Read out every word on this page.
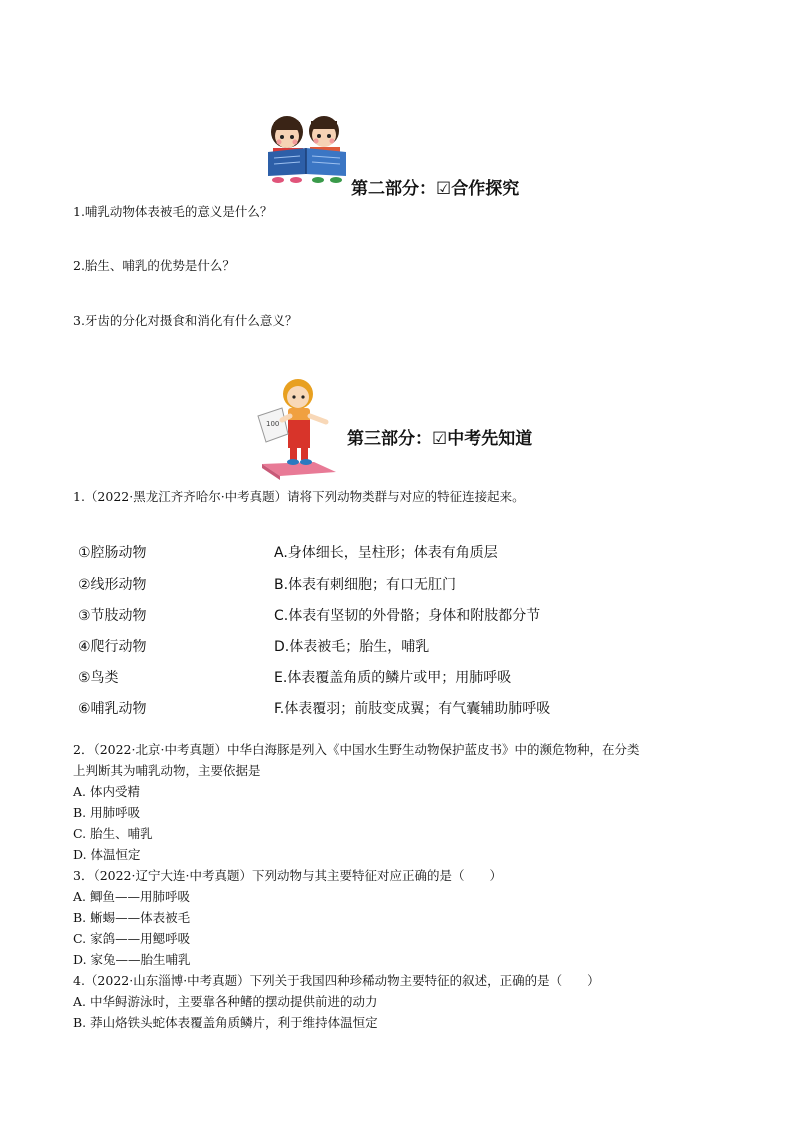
第二部分：☑合作探究
1.哺乳动物体表被毛的意义是什么？
2.胎生、哺乳的优势是什么？
3.牙齿的分化对摄食和消化有什么意义？
100
第三部分：☑中考先知道
1.（2022·黑龙江齐齐哈尔·中考真题）请将下列动物类群与对应的特征连接起来。
①腔肠动物
②线形动物
③节肢动物
④爬行动物
⑤鸟类
⑥哺乳动物
A.身体细长，呈柱形；体表有角质层
B.体表有刺细胞；有口无肛门
C.体表有坚韧的外骨骼；身体和附肢都分节
D.体表被毛；胎生，哺乳
E.体表覆盖角质的鳞片或甲；用肺呼吸
F.体表覆羽；前肢变成翼；有气囊辅助肺呼吸
2．（2022·北京·中考真题）中华白海豚是列入《中国水生野生动物保护蓝皮书》中的濒危物种，在分类
上判断其为哺乳动物，主要依据是
A. 体内受精
B. 用肺呼吸
C. 胎生、哺乳
D. 体温恒定
3．（2022·辽宁大连·中考真题）下列动物与其主要特征对应正确的是（　　）
A. 鲫鱼——用肺呼吸
B. 蜥蜴——体表被毛
C. 家鸽——用鳃呼吸
D. 家兔——胎生哺乳
4.（2022·山东淄博·中考真题）下列关于我国四种珍稀动物主要特征的叙述，正确的是（　　）
A. 中华鲟游泳时，主要靠各种鳍的摆动提供前进的动力
B. 莽山烙铁头蛇体表覆盖角质鳞片，利于维持体温恒定
